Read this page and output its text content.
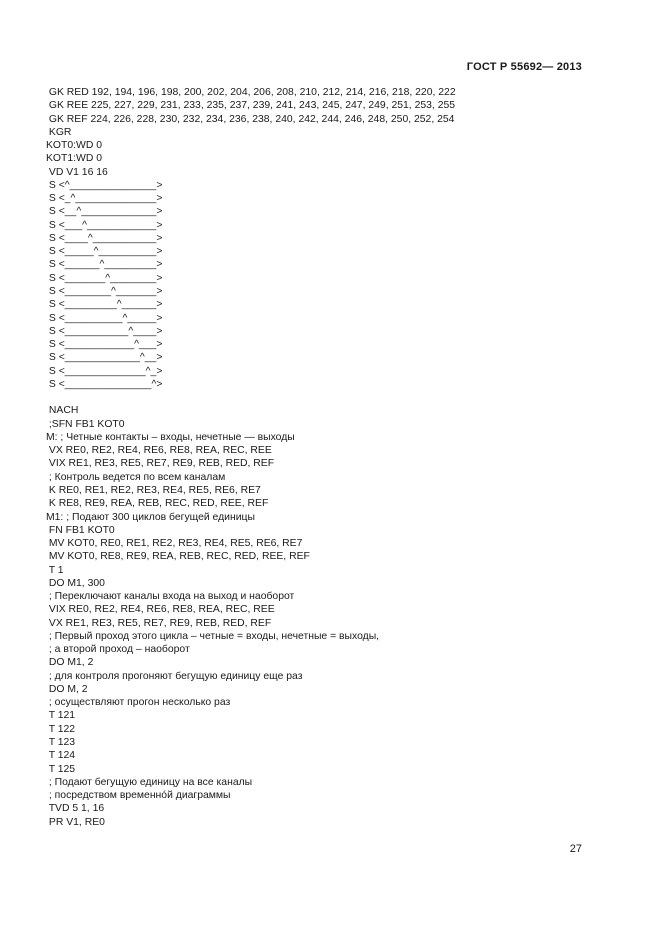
ГОСТ Р 55692— 2013
GK RED 192, 194, 196, 198, 200, 202, 204, 206, 208, 210, 212, 214, 216, 218, 220, 222
GK REE 225, 227, 229, 231, 233, 235, 237, 239, 241, 243, 245, 247, 249, 251, 253, 255
GK REF 224, 226, 228, 230, 232, 234, 236, 238, 240, 242, 244, 246, 248, 250, 252, 254
KGR
KOT0:WD 0
KOT1:WD 0
VD V1 16 16
S <^_______________>
S <_^______________>
S <__^_____________>
S <___^____________>
S <____^___________>
S <_____^__________>
S <______^_________>
S <_______^________>
S <________^_______>
S <_________^______>
S <__________^_____>
S <___________^____>
S <____________^___>
S <_____________^__>
S <______________^_>
S <_______________^>
NACH
;SFN FB1 KOT0
M: ; Четные контакты – входы, нечетные — выходы
VX RE0, RE2, RE4, RE6, RE8, REA, REC, REE
VIX RE1, RE3, RE5, RE7, RE9, REB, RED, REF
; Контроль ведется по всем каналам
K RE0, RE1, RE2, RE3, RE4, RE5, RE6, RE7
K RE8, RE9, REA, REB, REC, RED, REE, REF
M1: ; Подают 300 циклов бегущей единицы
FN FB1 KOT0
MV KOT0, RE0, RE1, RE2, RE3, RE4, RE5, RE6, RE7
MV KOT0, RE8, RE9, REA, REB, REC, RED, REE, REF
T 1
DO M1, 300
; Переключают каналы входа на выход и наоборот
VIX RE0, RE2, RE4, RE6, RE8, REA, REC, REE
VX RE1, RE3, RE5, RE7, RE9, REB, RED, REF
; Первый проход этого цикла – четные = входы, нечетные = выходы,
; а второй проход – наоборот
DO M1, 2
; для контроля прогоняют бегущую единицу еще раз
DO M, 2
; осуществляют прогон несколько раз
T 121
T 122
T 123
T 124
T 125
; Подают бегущую единицу на все каналы
; посредством временнóй диаграммы
TVD 5 1, 16
PR V1, RE0
27
